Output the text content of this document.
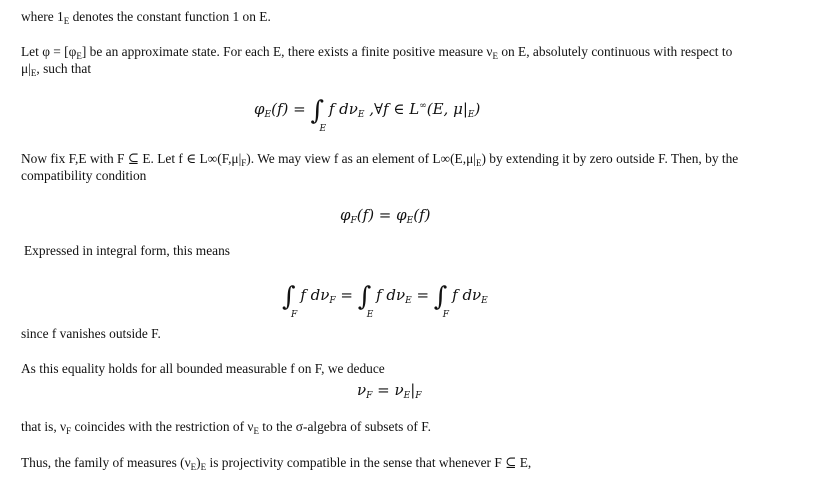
where $1_E$ denotes the constant function 1 on E.
Let $\varphi = [\varphi_E]$ be an approximate state. For each E, there exists a finite positive measure $\nu_E$ on E, absolutely continuous with respect to
$\mu|_E$, such that
$\varphi_E(f)$ = ∫
E
f $d\nu_E$ ,∀f ∈ L∞(E, $\mu|_E$)
Now fix F,E with F ⊆ E. Let f ∈ $L\infty(F,\mu|_F)$. We may view f as an element of $L\infty(E,\mu|_E)$ by extending it by zero outside F. Then, by the
compatibility condition
$\varphi_F(f) = \varphi_E(f)$
Expressed in integral form, this means
∫
F
f $d\nu_F$ = ∫
E
f $d\nu_E$ = ∫
F
f $d\nu_E$
since f vanishes outside F.
As this equality holds for all bounded measurable f on F, we deduce
$\nu_F = \nu_E|_F$
that is, $\nu_F$ coincides with the restriction of $\nu_E$ to the σ-algebra of subsets of F.
Thus, the family of measures $(\nu_E)_E$ is projectivity compatible in the sense that whenever F ⊆ E,
